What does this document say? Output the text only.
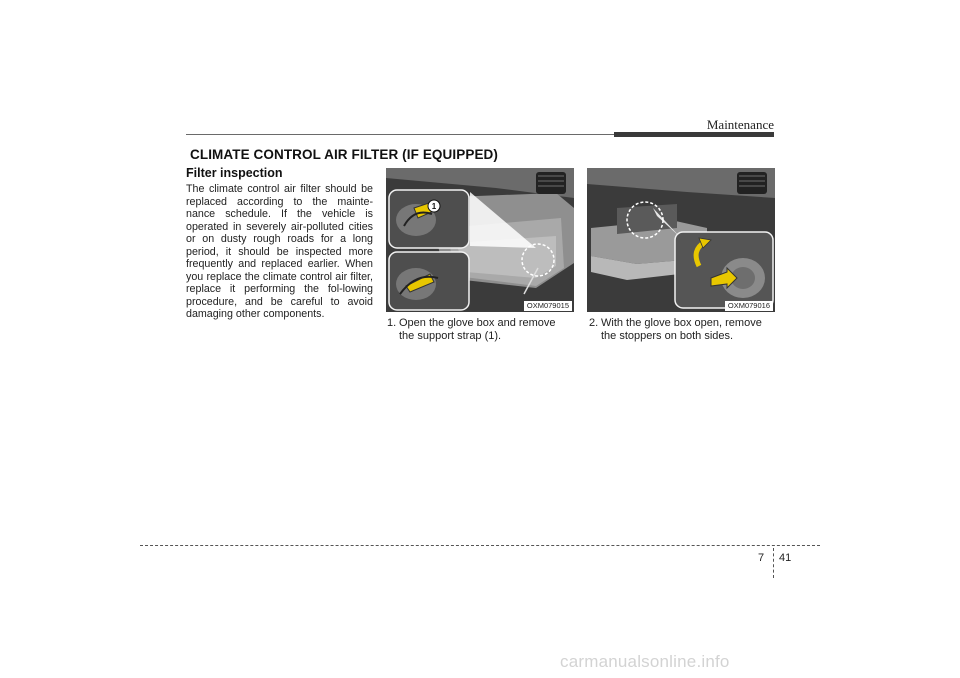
Maintenance
CLIMATE CONTROL AIR FILTER (IF EQUIPPED)
Filter inspection
The climate control air filter should be replaced according to the mainte-nance schedule. If the vehicle is operated in severely air-polluted cities or on dusty rough roads for a long period, it should be inspected more frequently and replaced earlier. When you replace the climate control air filter, replace it performing the fol-lowing procedure, and be careful to avoid damaging other components.
1
OXM079015	OXM079016
1. Open the glove box and remove
the support strap (1).
2. With the glove box open, remove
the stoppers on both sides.
7 41
carmanualsonline.info
